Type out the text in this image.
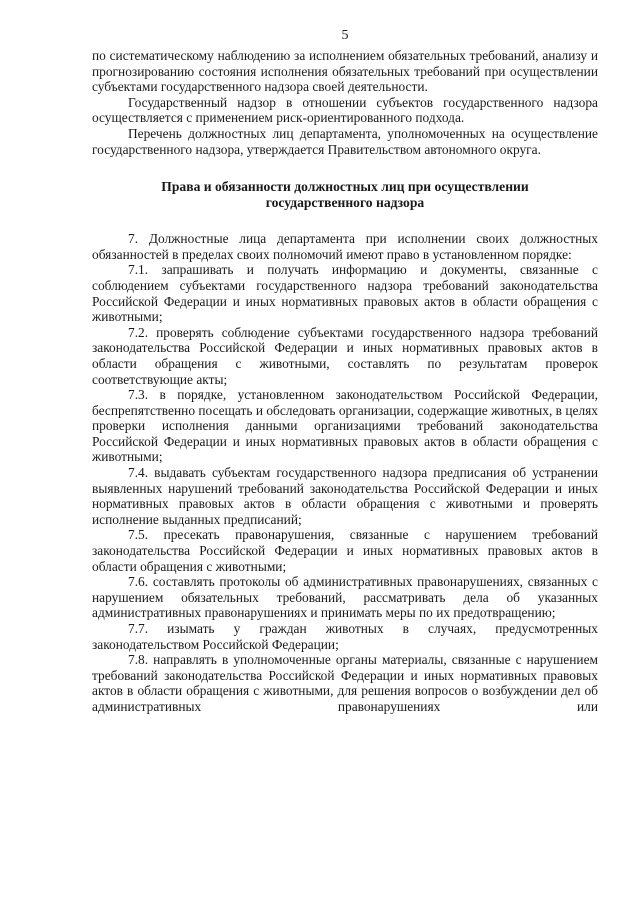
5

по систематическому наблюдению за исполнением обязательных требований, анализу и прогнозированию состояния исполнения обязательных требований при осуществлении субъектами государственного надзора своей деятельности.

Государственный надзор в отношении субъектов государственного надзора осуществляется с применением риск-ориентированного подхода.

Перечень должностных лиц департамента, уполномоченных на осуществление государственного надзора, утверждается Правительством автономного округа.

Права и обязанности должностных лиц при осуществлении
государственного надзора

7. Должностные лица департамента при исполнении своих должностных обязанностей в пределах своих полномочий имеют право в установленном порядке:

7.1. запрашивать и получать информацию и документы, связанные с соблюдением субъектами государственного надзора требований законодательства Российской Федерации и иных нормативных правовых актов в области обращения с животными;

7.2. проверять соблюдение субъектами государственного надзора требований законодательства Российской Федерации и иных нормативных правовых актов в области обращения с животными, составлять по результатам проверок соответствующие акты;

7.3. в порядке, установленном законодательством Российской Федерации, беспрепятственно посещать и обследовать организации, содержащие животных, в целях проверки исполнения данными организациями требований законодательства Российской Федерации и иных нормативных правовых актов в области обращения с животными;

7.4. выдавать субъектам государственного надзора предписания об устранении выявленных нарушений требований законодательства Российской Федерации и иных нормативных правовых актов в области обращения с животными и проверять исполнение выданных предписаний;

7.5. пресекать правонарушения, связанные с нарушением требований законодательства Российской Федерации и иных нормативных правовых актов в области обращения с животными;

7.6. составлять протоколы об административных правонарушениях, связанных с нарушением обязательных требований, рассматривать дела об указанных административных правонарушениях и принимать меры по их предотвращению;

7.7. изымать у граждан животных в случаях, предусмотренных законодательством Российской Федерации;

7.8. направлять в уполномоченные органы материалы, связанные с нарушением требований законодательства Российской Федерации и иных нормативных правовых актов в области обращения с животными, для решения вопросов о возбуждении дел об административных правонарушениях или
